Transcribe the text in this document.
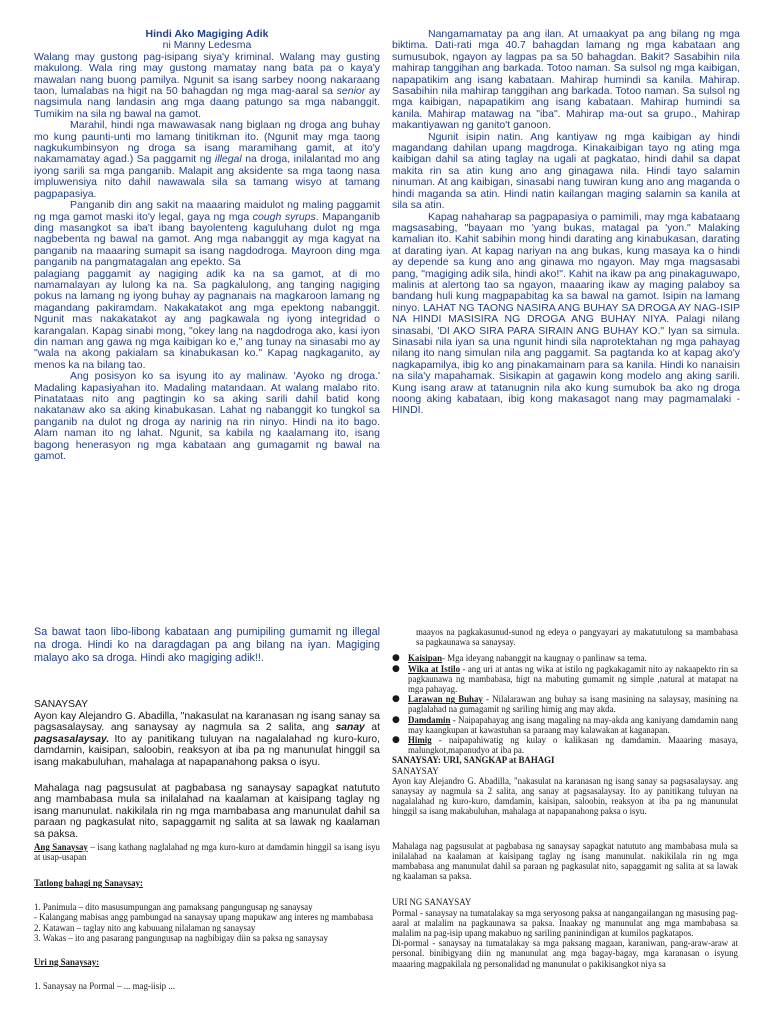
Hindi Ako Magiging Adik

ni Manny Ledesma

Walang may gustong pag-isipang siya'y kriminal. Walang may gusting makulong. Wala ring may gustong mamatay nang bata pa o kaya'y mawalan nang buong pamilya. Ngunit sa isang sarbey noong nakaraang taon, lumalabas na higit na 50 bahagdan ng mga mag-aaral sa senior ay nagsimula nang landasin ang mga daang patungo sa mga nabanggit. Tumikim na sila ng bawal na gamot.

Marahil, hindi nga mawawasak nang biglaan ng droga ang buhay mo kung paunti-unti mo lamang tinitikman ito. (Ngunit may mga taong nagkukumbinsyon ng droga sa isang maramihang gamit, at ito'y nakamamatay agad.) Sa paggamit ng illegal na droga, inilalantad mo ang iyong sarili sa mga panganib. Malapit ang aksidente sa mga taong nasa impluwensiya nito dahil nawawala sila sa tamang wisyo at tamang pagpapasiya.

Panganib din ang sakit na maaaring maidulot ng maling paggamit ng mga gamot maski ito'y legal, gaya ng mga cough syrups. Mapanganib ding masangkot sa iba't ibang bayolenteng kaguluhang dulot ng mga nagbebenta ng bawal na gamot. Ang mga nabanggit ay mga kagyat na panganib na maaaring sumapit sa isang nagdodroga. Mayroon ding mga panganib na pangmatagalan ang epekto. Sa

palagiang paggamit ay nagiging adik ka na sa gamot, at di mo namamalayan ay lulong ka na. Sa pagkalulong, ang tanging nagiging pokus na lamang ng iyong buhay ay pagnanais na magkaroon lamang ng magandang pakiramdam. Nakakatakot ang mga epektong nabanggit. Ngunit mas nakakatakot ay ang pagkawala ng iyong integridad o karangalan. Kapag sinabi mong, "okey lang na nagdodroga ako, kasi iyon din naman ang gawa ng mga kaibigan ko e," ang tunay na sinasabi mo ay "wala na akong pakialam sa kinabukasan ko." Kapag nagkaganito, ay menos ka na bilang tao.

Ang posisyon ko sa isyung ito ay malinaw. 'Ayoko ng droga.' Madaling kapasiyahan ito. Madaling matandaan. At walang malabo rito. Pinatataas nito ang pagtingin ko sa aking sarili dahil batid kong nakatanaw ako sa aking kinabukasan. Lahat ng nabanggit ko tungkol sa panganib na dulot ng droga ay narinig na rin ninyo. Hindi na ito bago. Alam naman ito ng lahat. Ngunit, sa kabila ng kaalamang ito, isang bagong henerasyon ng mga kabataan ang gumagamit ng bawal na gamot.

Nangamamatay pa ang ilan. At umaakyat pa ang bilang ng mga biktima. Dati-rati mga 40.7 bahagdan lamang ng mga kabataan ang sumusubok, ngayon ay lagpas pa sa 50 bahagdan. Bakit? Sasabihin nila mahirap tanggihan ang barkada. Totoo naman. Sa sulsol ng mga kaibigan, napapatikim ang isang kabataan. Mahirap humindi sa kanila. Mahirap. Sasabihin nila mahirap tanggihan ang barkada. Totoo naman. Sa sulsol ng mga kaibigan, napapatikim ang isang kabataan. Mahirap humindi sa kanila. Mahirap matawag na "iba". Mahirap ma-out sa grupo., Mahirap makantiyawan ng ganito't ganoon.

Ngunit isipin natin. Ang kantiyaw ng mga kaibigan ay hindi magandang dahilan upang magdroga. Kinakaibigan tayo ng ating mga kaibigan dahil sa ating taglay na ugali at pagkatao, hindi dahil sa dapat makita rin sa atin kung ano ang ginagawa nila. Hindi tayo salamin ninuman. At ang kaibigan, sinasabi nang tuwiran kung ano ang maganda o hindi maganda sa atin. Hindi natin kailangan maging salamin sa kanila at sila sa atin.

Kapag nahaharap sa pagpapasiya o pamimili, may mga kabataang magsasabing, "bayaan mo 'yang bukas, matagal pa 'yon." Malaking kamalian ito. Kahit sabihin mong hindi darating ang kinabukasan, darating at darating iyan. At kapag nariyan na ang bukas, kung masaya ka o hindi ay depende sa kung ano ang ginawa mo ngayon. May mga magsasabi pang, "magiging adik sila, hindi ako!". Kahit na ikaw pa ang pinakaguwapo, malinis at alertong tao sa ngayon, maaaring ikaw ay maging palaboy sa bandang huli kung magpapabitag ka sa bawal na gamot. Isipin na lamang ninyo. LAHAT NG TAONG NASIRA ANG BUHAY SA DROGA AY NAG-ISIP NA HINDI MASISIRA NG DROGA ANG BUHAY NIYA. Palagi nilang sinasabi, 'DI AKO SIRA PARA SIRAIN ANG BUHAY KO." Iyan sa simula. Sinasabi nila iyan sa una ngunit hindi sila naprotektahan ng mga pahayag nilang ito nang simulan nila ang paggamit. Sa pagtanda ko at kapag ako'y nagkapamilya, ibig ko ang pinakamainam para sa kanila. Hindi ko nanaisin na sila'y mapahamak. Sisikapin at gagawin kong modelo ang aking sarili. Kung isang araw at tatanugnin nila ako kung sumubok ba ako ng droga noong aking kabataan, ibig kong makasagot nang may pagmamalaki - HINDI.

Sa bawat taon libo-libong kabataan ang pumipiling gumamit ng illegal na droga. Hindi ko na daragdagan pa ang bilang na iyan. Magiging malayo ako sa droga. Hindi ako magiging adik!!.

SANAYSAY

Ayon kay Alejandro G. Abadilla, "nakasulat na karanasan ng isang sanay sa pagsasalaysay. ang sanaysay ay nagmula sa 2 salita, ang sanay at pagsasalaysay. Ito ay panitikang tuluyan na nagalalahad ng kuro-kuro, damdamin, kaisipan, saloobin, reaksyon at iba pa ng manunulat hinggil sa isang makabuluhan, mahalaga at napapanahong paksa o isyu.

Mahalaga nag pagsusulat at pagbabasa ng sanaysay sapagkat natututo ang mambabasa mula sa inilalahad na kaalaman at kaisipang taglay ng isang manunulat. nakikilala rin ng mga mambabasa ang manunulat dahil sa paraan ng pagkasulat nito, sapaggamit ng salita at sa lawak ng kaalaman sa paksa.

Ang Sanaysay – isang kathang naglalahad ng mga kuro-kuro at damdamin hinggil sa isang isyu at usap-usapan

Tatlong bahagi ng Sanaysay:

1. Panimula – dito masusumpungan ang pamaksang pangungusap ng sanaysay

- Kalangang mabisas angg pambungad na sanaysay upang mapukaw ang interes ng mambabasa

2. Katawan – taglay nito ang kabuuang nilalaman ng sanaysay

3. Wakas – ito ang pasarang pangungusap na nagbibigay diin sa paksa ng sanaysay

Uri ng Sanaysay:

1. Sanaysay na Pormal – ... mag-iisip ...

maayos na pagkakasunud-sunod ng edeya o pangyayari ay makatutulong sa mambabasa sa pagkaunawa sa sanaysay.

● Kaisipan- Mga ideyang nabanggit na kaugnay o panlinaw sa tema.
● Wika at Istilo - ang uri at antas ng wika at istilo ng pagkakagamit nito ay nakaapekto rin sa pagkaunawa ng mambabasa, higt na mabuting gumamit ng simple ,natural at matapat na mga pahayag.
● Larawan ng Buhay - Nilalarawan ang buhay sa isang masining na salaysay, masining na paglalahad na gumagamit ng sariling himig ang may akda.
● Damdamin - Naipapahayag ang isang magaling na may-akda ang kaniyang damdamin nang may kaangkupan at kawastuhan sa paraang may kalawakan at kaganapan.
● Himig - naipapahiwatig ng kulay o kalikasan ng damdamin. Maaaring masaya, malungkot,mapanudyo at iba pa.

SANAYSAY: URI, SANGKAP at BAHAGI

SANAYSAY

Ayon kay Alejandro G. Abadilla, "nakasulat na karanasan ng isang sanay sa pagsasalaysay. ang sanaysay ay nagmula sa 2 salita, ang sanay at pagsasalaysay. Ito ay panitikang tuluyan na nagalalahad ng kuro-kuro, damdamin, kaisipan, saloobin, reaksyon at iba pa ng manunulat hinggil sa isang makabuluhan, mahalaga at napapanahong paksa o isyu.

Mahalaga nag pagsusulat at pagbabasa ng sanaysay sapagkat natututo ang mambabasa mula sa inilalahad na kaalaman at kaisipang taglay ng isang manunulat. nakikilala rin ng mga mambabasa ang manunulat dahil sa paraan ng pagkasulat nito, sapaggamit ng salita at sa lawak ng kaalaman sa paksa.

URI NG SANAYSAY

Pormal - sanaysay na tumatalakay sa mga seryosong paksa at nangangailangan ng masusing pag-aaral at malalim na pagkaunawa sa paksa. Inaakay ng manunulat ang mga mambabasa sa malalim na pag-isip upang makabuo ng sariling paninindigan at kumilos pagkatapos.

Di-pormal - sanaysay na tumatalakay sa mga paksang magaan, karaniwan, pang-araw-araw at personal. binibigyang diin ng manunulat ang mga bagay-bagay, mga karanasan o isyung maaaring magpakilala ng personalidad ng manunulat o pakikisangkot niya sa
